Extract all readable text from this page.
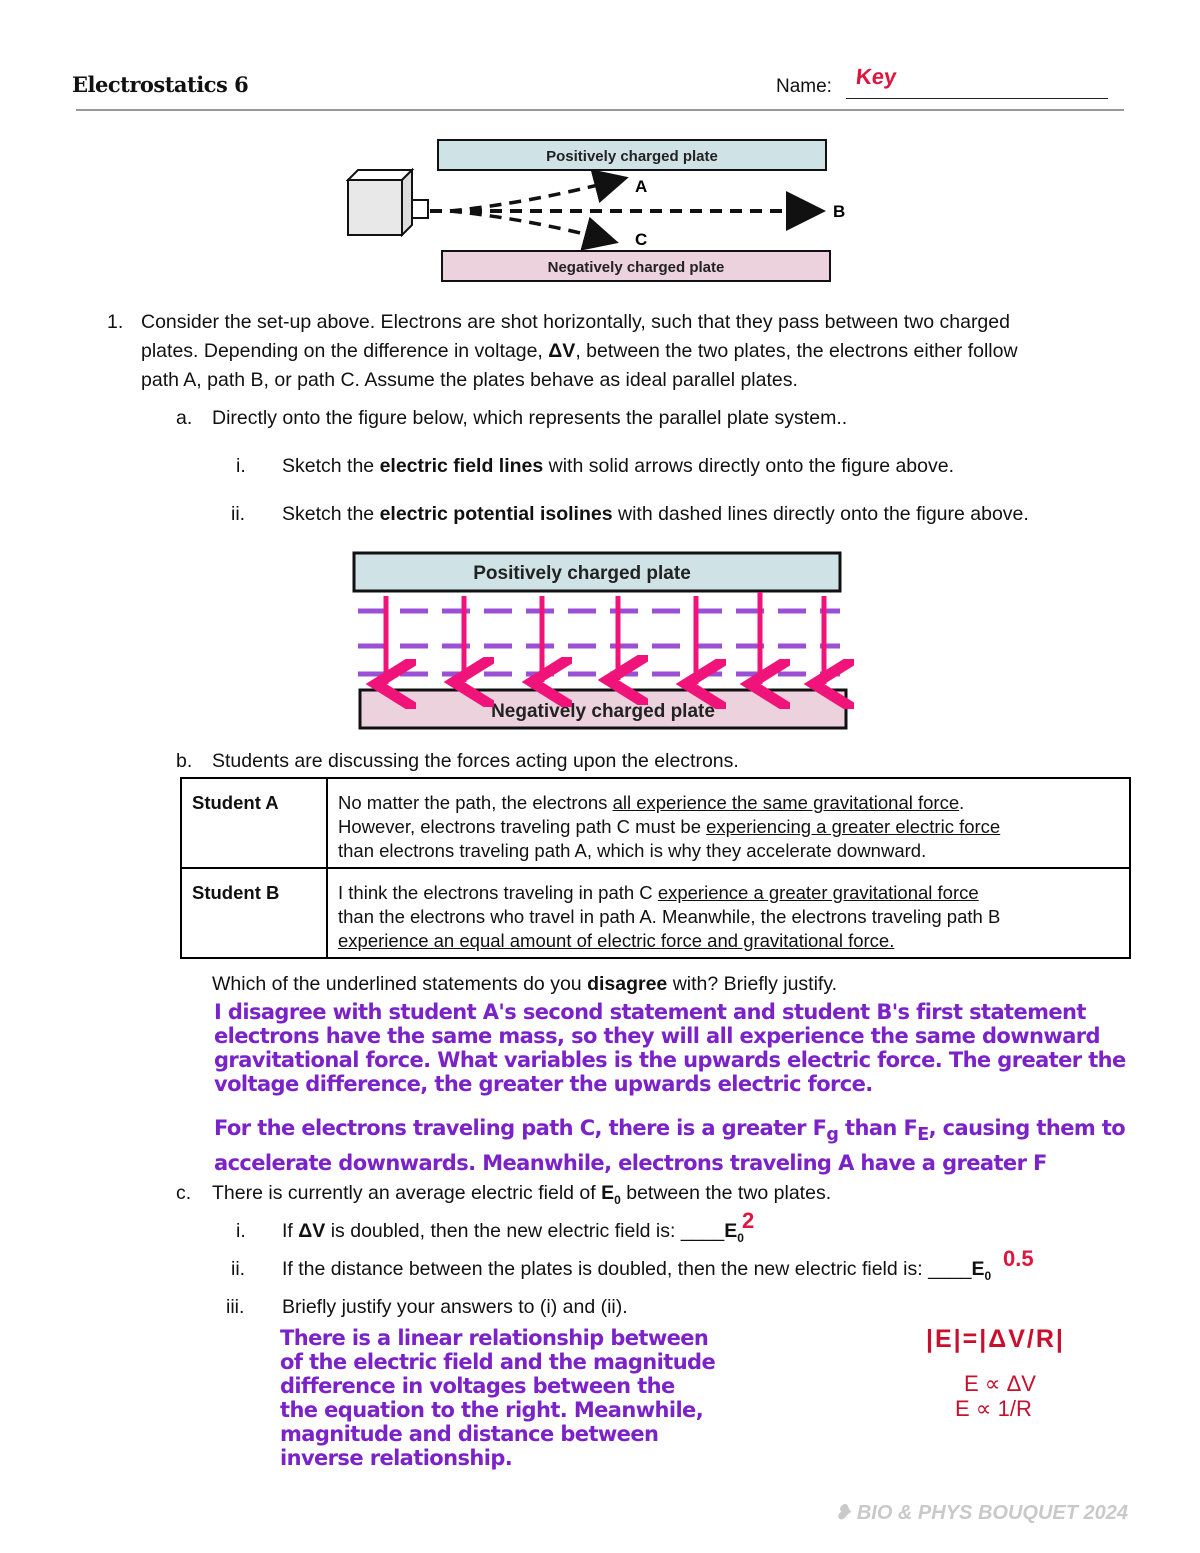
Electrostatics 6	Name: Key
Positively charged plate
Negatively charged plate
A
B
C
1. Consider the set-up above. Electrons are shot horizontally, such that they pass between two charged
plates. Depending on the difference in voltage, ΔV, between the two plates, the electrons either follow
path A, path B, or path C. Assume the plates behave as ideal parallel plates.
a. Directly onto the figure below, which represents the parallel plate system..
i. Sketch the electric field lines with solid arrows directly onto the figure above.
ii. Sketch the electric potential isolines with dashed lines directly onto the figure above.
Positively charged plate
Negatively charged plate
b. Students are discussing the forces acting upon the electrons.
Student A	No matter the path, the electrons all experience the same gravitational force.
However, electrons traveling path C must be experiencing a greater electric force
than electrons traveling path A, which is why they accelerate downward.
Student B	I think the electrons traveling in path C experience a greater gravitational force
than the electrons who travel in path A. Meanwhile, the electrons traveling path B
experience an equal amount of electric force and gravitational force.
Which of the underlined statements do you disagree with? Briefly justify.
I disagree with student A's second statement and student B's first statement
electrons have the same mass, so they will all experience the same downward
gravitational force. What variables is the upwards electric force. The greater the
voltage difference, the greater the upwards electric force.
For the electrons traveling path C, there is a greater $F_g$ than $F_E$, causing them to
accelerate downwards. Meanwhile, electrons traveling A have a greater F
c. There is currently an average electric field of $E_0$ between the two plates.
i. If ΔV is doubled, then the new electric field is: $\_\_\_\_E_0$
2
ii. If the distance between the plates is doubled, then the new electric field is: $\_\_\_\_E_0$
0.5
iii. Briefly justify your answers to (i) and (ii).
There is a linear relationship between
of the electric field and the magnitude
difference in voltages between the
the equation to the right. Meanwhile,
magnitude and distance between
inverse relationship.
|E|=|ΔV/R|
E ∝ ΔV
E ∝ 1/R
❥ BIO & PHYS BOUQUET 2024
